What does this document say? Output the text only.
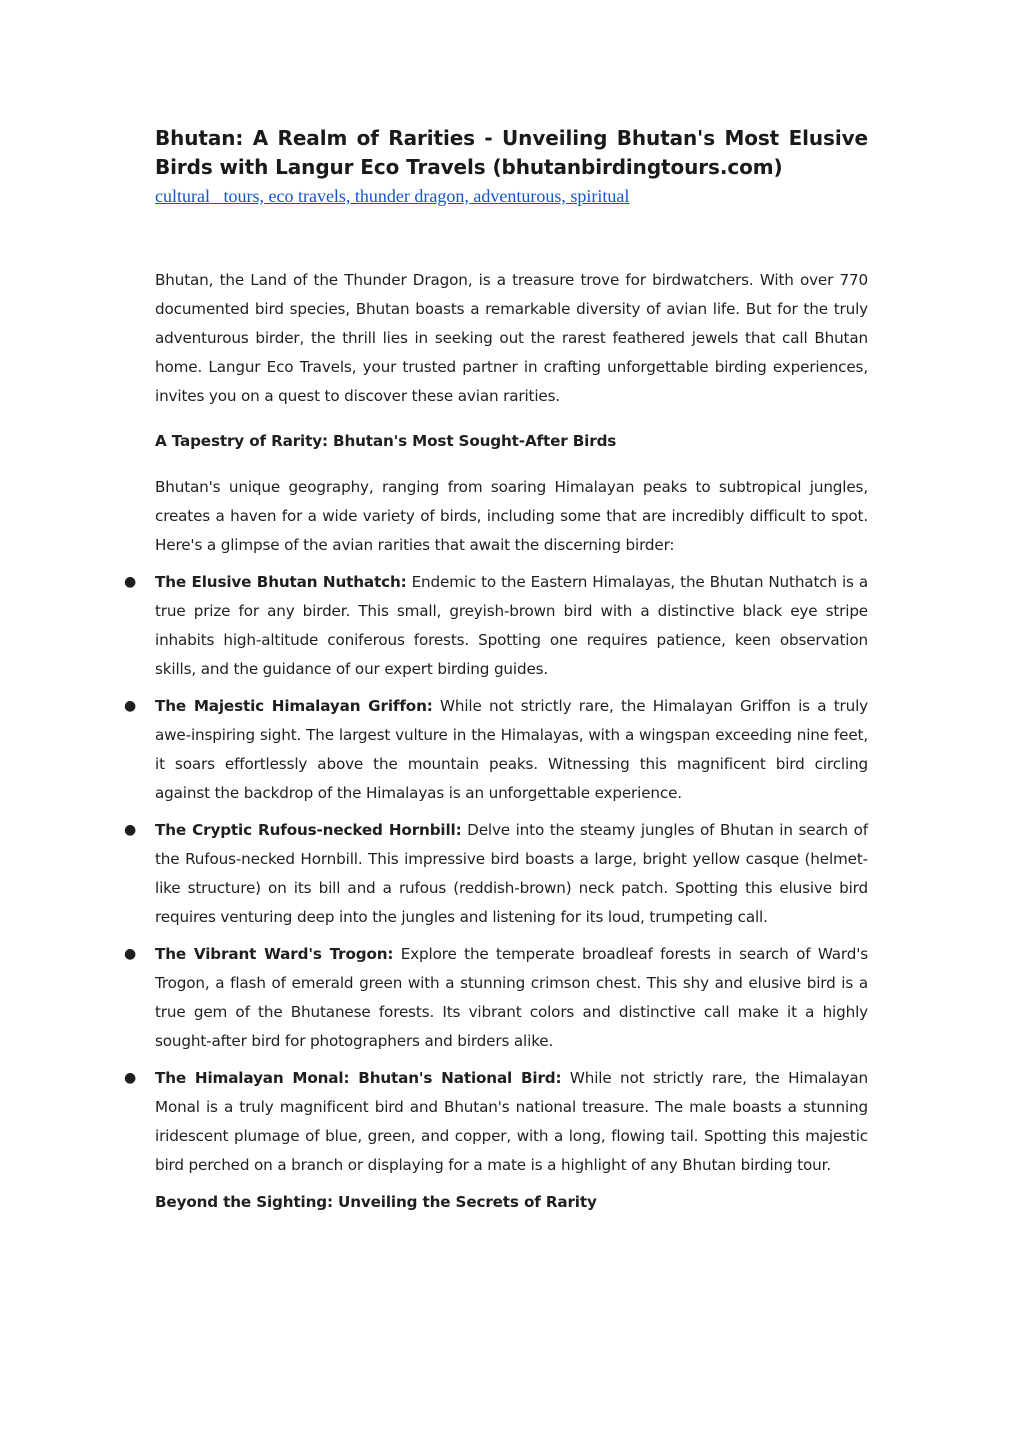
Bhutan: A Realm of Rarities - Unveiling Bhutan's Most Elusive Birds with Langur Eco Travels (bhutanbirdingtours.com)
cultural   tours, eco travels, thunder dragon, adventurous, spiritual

Bhutan, the Land of the Thunder Dragon, is a treasure trove for birdwatchers. With over 770 documented bird species, Bhutan boasts a remarkable diversity of avian life. But for the truly adventurous birder, the thrill lies in seeking out the rarest feathered jewels that call Bhutan home. Langur Eco Travels, your trusted partner in crafting unforgettable birding experiences, invites you on a quest to discover these avian rarities.

A Tapestry of Rarity: Bhutan's Most Sought-After Birds

Bhutan's unique geography, ranging from soaring Himalayan peaks to subtropical jungles, creates a haven for a wide variety of birds, including some that are incredibly difficult to spot. Here's a glimpse of the avian rarities that await the discerning birder:

● The Elusive Bhutan Nuthatch: Endemic to the Eastern Himalayas, the Bhutan Nuthatch is a true prize for any birder. This small, greyish-brown bird with a distinctive black eye stripe inhabits high-altitude coniferous forests. Spotting one requires patience, keen observation skills, and the guidance of our expert birding guides.
● The Majestic Himalayan Griffon: While not strictly rare, the Himalayan Griffon is a truly awe-inspiring sight. The largest vulture in the Himalayas, with a wingspan exceeding nine feet, it soars effortlessly above the mountain peaks. Witnessing this magnificent bird circling against the backdrop of the Himalayas is an unforgettable experience.
● The Cryptic Rufous-necked Hornbill: Delve into the steamy jungles of Bhutan in search of the Rufous-necked Hornbill. This impressive bird boasts a large, bright yellow casque (helmet-like structure) on its bill and a rufous (reddish-brown) neck patch. Spotting this elusive bird requires venturing deep into the jungles and listening for its loud, trumpeting call.
● The Vibrant Ward's Trogon: Explore the temperate broadleaf forests in search of Ward's Trogon, a flash of emerald green with a stunning crimson chest. This shy and elusive bird is a true gem of the Bhutanese forests. Its vibrant colors and distinctive call make it a highly sought-after bird for photographers and birders alike.
● The Himalayan Monal: Bhutan's National Bird: While not strictly rare, the Himalayan Monal is a truly magnificent bird and Bhutan's national treasure. The male boasts a stunning iridescent plumage of blue, green, and copper, with a long, flowing tail. Spotting this majestic bird perched on a branch or displaying for a mate is a highlight of any Bhutan birding tour.

Beyond the Sighting: Unveiling the Secrets of Rarity
